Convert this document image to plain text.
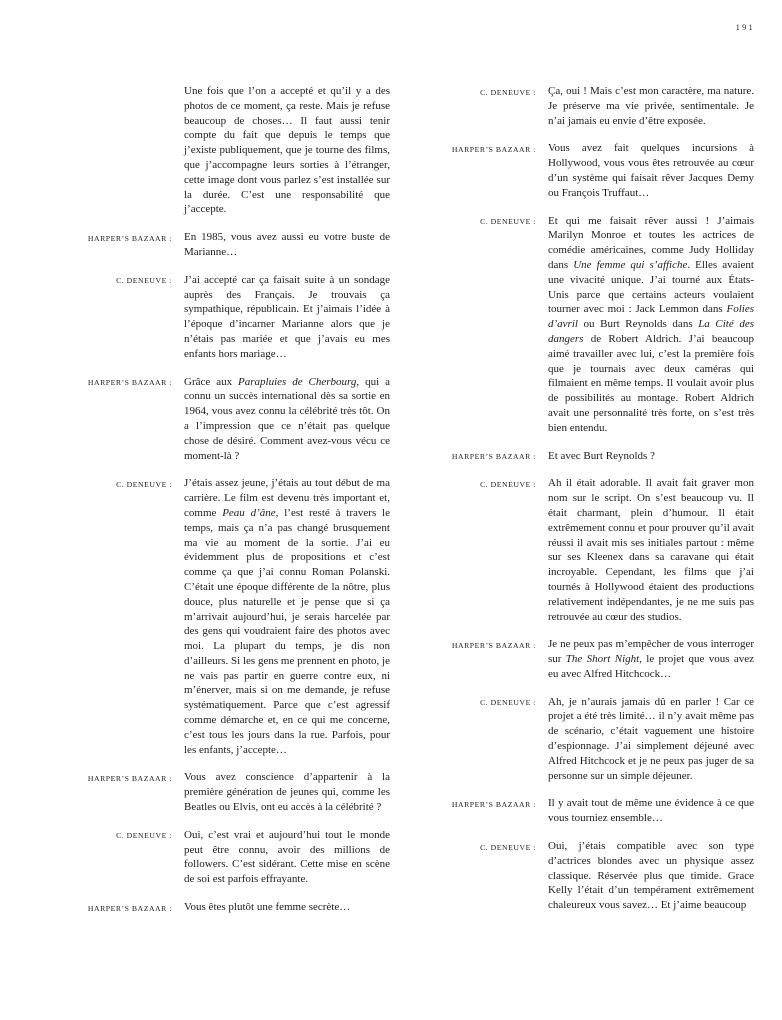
191
Une fois que l’on a accepté et qu’il y a des photos de ce moment, ça reste. Mais je refuse beaucoup de choses… Il faut aussi tenir compte du fait que depuis le temps que j’existe publiquement, que je tourne des films, que j’accompagne leurs sorties à l’étranger, cette image dont vous parlez s’est installée sur la durée. C’est une responsabilité que j’accepte.
HARPER’S BAZAAR : En 1985, vous avez aussi eu votre buste de Marianne…
C. DENEUVE : J’ai accepté car ça faisait suite à un sondage auprès des Français. Je trouvais ça sympathique, républicain. Et j’aimais l’idée à l’époque d’incarner Marianne alors que je n’étais pas mariée et que j’avais eu mes enfants hors mariage…
HARPER’S BAZAAR : Grâce aux Parapluies de Cherbourg, qui a connu un succès international dès sa sortie en 1964, vous avez connu la célébrité très tôt. On a l’impression que ce n’était pas quelque chose de désiré. Comment avez-vous vécu ce moment-là ?
C. DENEUVE : J’étais assez jeune, j’étais au tout début de ma carrière. Le film est devenu très important et, comme Peau d’âne, l’est resté à travers le temps, mais ça n’a pas changé brusquement ma vie au moment de la sortie. J’ai eu évidemment plus de propositions et c’est comme ça que j’ai connu Roman Polanski. C’était une époque différente de la nôtre, plus douce, plus naturelle et je pense que si ça m’arrivait aujourd’hui, je serais harcelée par des gens qui voudraient faire des photos avec moi. La plupart du temps, je dis non d’ailleurs. Si les gens me prennent en photo, je ne vais pas partir en guerre contre eux, ni m’énerver, mais si on me demande, je refuse systématiquement. Parce que c’est agressif comme démarche et, en ce qui me concerne, c’est tous les jours dans la rue. Parfois, pour les enfants, j’accepte…
HARPER’S BAZAAR : Vous avez conscience d’appartenir à la première génération de jeunes qui, comme les Beatles ou Elvis, ont eu accès à la célébrité ?
C. DENEUVE : Oui, c’est vrai et aujourd’hui tout le monde peut être connu, avoir des millions de followers. C’est sidérant. Cette mise en scène de soi est parfois effrayante.
HARPER’S BAZAAR : Vous êtes plutôt une femme secrète…
C. DENEUVE : Ça, oui ! Mais c’est mon caractère, ma nature. Je préserve ma vie privée, sentimentale. Je n’ai jamais eu envie d’être exposée.
HARPER’S BAZAAR : Vous avez fait quelques incursions à Hollywood, vous vous êtes retrouvée au cœur d’un système qui faisait rêver Jacques Demy ou François Truffaut…
C. DENEUVE : Et qui me faisait rêver aussi ! J’aimais Marilyn Monroe et toutes les actrices de comédie américaines, comme Judy Holliday dans Une femme qui s’affiche. Elles avaient une vivacité unique. J’ai tourné aux États-Unis parce que certains acteurs voulaient tourner avec moi : Jack Lemmon dans Folies d’avril ou Burt Reynolds dans La Cité des dangers de Robert Aldrich. J’ai beaucoup aimé travailler avec lui, c’est la première fois que je tournais avec deux caméras qui filmaient en même temps. Il voulait avoir plus de possibilités au montage. Robert Aldrich avait une personnalité très forte, on s’est très bien entendu.
HARPER’S BAZAAR : Et avec Burt Reynolds ?
C. DENEUVE : Ah il était adorable. Il avait fait graver mon nom sur le script. On s’est beaucoup vu. Il était charmant, plein d’humour. Il était extrêmement connu et pour prouver qu’il avait réussi il avait mis ses initiales partout : même sur ses Kleenex dans sa caravane qui était incroyable. Cependant, les films que j’ai tournés à Hollywood étaient des productions relativement indépendantes, je ne me suis pas retrouvée au cœur des studios.
HARPER’S BAZAAR : Je ne peux pas m’empêcher de vous interroger sur The Short Night, le projet que vous avez eu avec Alfred Hitchcock…
C. DENEUVE : Ah, je n’aurais jamais dû en parler ! Car ce projet a été très limité… il n’y avait même pas de scénario, c’était vaguement une histoire d’espionnage. J’ai simplement déjeuné avec Alfred Hitchcock et je ne peux pas juger de sa personne sur un simple déjeuner.
HARPER’S BAZAAR : Il y avait tout de même une évidence à ce que vous tourniez ensemble…
C. DENEUVE : Oui, j’étais compatible avec son type d’actrices blondes avec un physique assez classique. Réservée plus que timide. Grace Kelly l’était d’un tempérament extrêmement chaleureux vous savez… Et j’aime beaucoup
